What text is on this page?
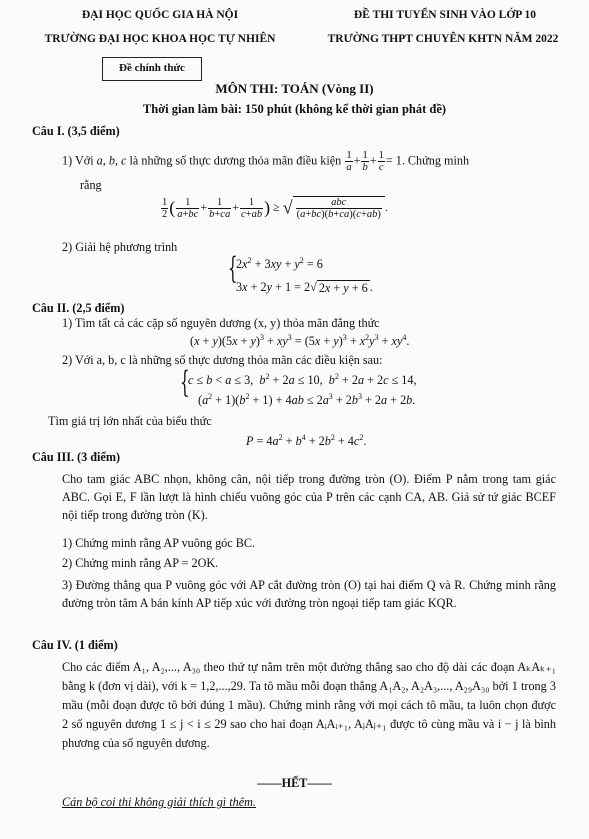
ĐẠI HỌC QUỐC GIA HÀ NỘI
TRƯỜNG ĐẠI HỌC KHOA HỌC TỰ NHIÊN
ĐỀ THI TUYỂN SINH VÀO LỚP 10
TRƯỜNG THPT CHUYÊN KHTN NĂM 2022
Đề chính thức
MÔN THI: TOÁN (Vòng II)
Thời gian làm bài: 150 phút (không kể thời gian phát đề)
Câu I. (3,5 điểm)
1) Với a, b, c là những số thực dương thỏa mãn điều kiện $\frac{1}{a} + \frac{1}{b} + \frac{1}{c} = 1$. Chứng minh
rằng
$\frac{1}{2}$ ( $\frac{1}{a+bc} + \frac{1}{b+ca} + \frac{1}{c+ab}$ ) ≥ √ $\frac{\text{abc}}{(a+bc)(b+ca)(c+ab)}$ .
2) Giải hệ phương trình
{
$2x^2 + 3xy + y^2 = 6$
3x + 2y + 1 = 2√ 2x + y + 6 .
Câu II. (2,5 điểm)
1) Tìm tất cả các cặp số nguyên dương (x, y) thỏa mãn đẳng thức
$(x + y)(5x + y)^3 + xy^3 = (5x + y)^3 + x^2y^3 + xy^4$.
2) Với a, b, c là những số thực dương thỏa mãn các điều kiện sau:
{
c ≤ b < a ≤ 3,  $b^2 + 2a \le 10$,  $b^2 + 2a + 2c \le 14$,
$(a^2 + 1)(b^2 + 1) + 4ab \le 2a^3 + 2b^3 + 2a + 2b$.
Tìm giá trị lớn nhất của biểu thức
$P = 4a^2 + b^4 + 2b^2 + 4c^2$.
Câu III. (3 điểm)
Cho tam giác ABC nhọn, không cân, nội tiếp trong đường tròn (O). Điểm P nằm trong tam giác ABC. Gọi E, F lần lượt là hình chiếu vuông góc của P trên các cạnh CA, AB. Giả sử tứ giác BCEF nội tiếp trong đường tròn (K).
1) Chứng minh rằng AP vuông góc BC.
2) Chứng minh rằng AP = 2OK.
3) Đường thẳng qua P vuông góc với AP cắt đường tròn (O) tại hai điểm Q và R. Chứng minh rằng đường tròn tâm A bán kính AP tiếp xúc với đường tròn ngoại tiếp tam giác KQR.
Câu IV. (1 điểm)
Cho các điểm A₁, A₂,..., A₃₀ theo thứ tự nằm trên một đường thẳng sao cho độ dài các đoạn AₖAₖ₊₁ bằng k (đơn vị dài), với k = 1,2,...,29. Ta tô mầu mỗi đoạn thẳng A₁A₂, A₂A₃,..., A₂₉A₃₀ bởi 1 trong 3 mầu (mỗi đoạn được tô bởi đúng 1 mầu). Chứng minh rằng với mọi cách tô mầu, ta luôn chọn được 2 số nguyên dương 1 ≤ j < i ≤ 29 sao cho hai đoạn AᵢAᵢ₊₁, AⱼAⱼ₊₁ được tô cùng mầu và i − j là bình phương của số nguyên dương.
——HẾT——
Cán bộ coi thi không giải thích gì thêm.
